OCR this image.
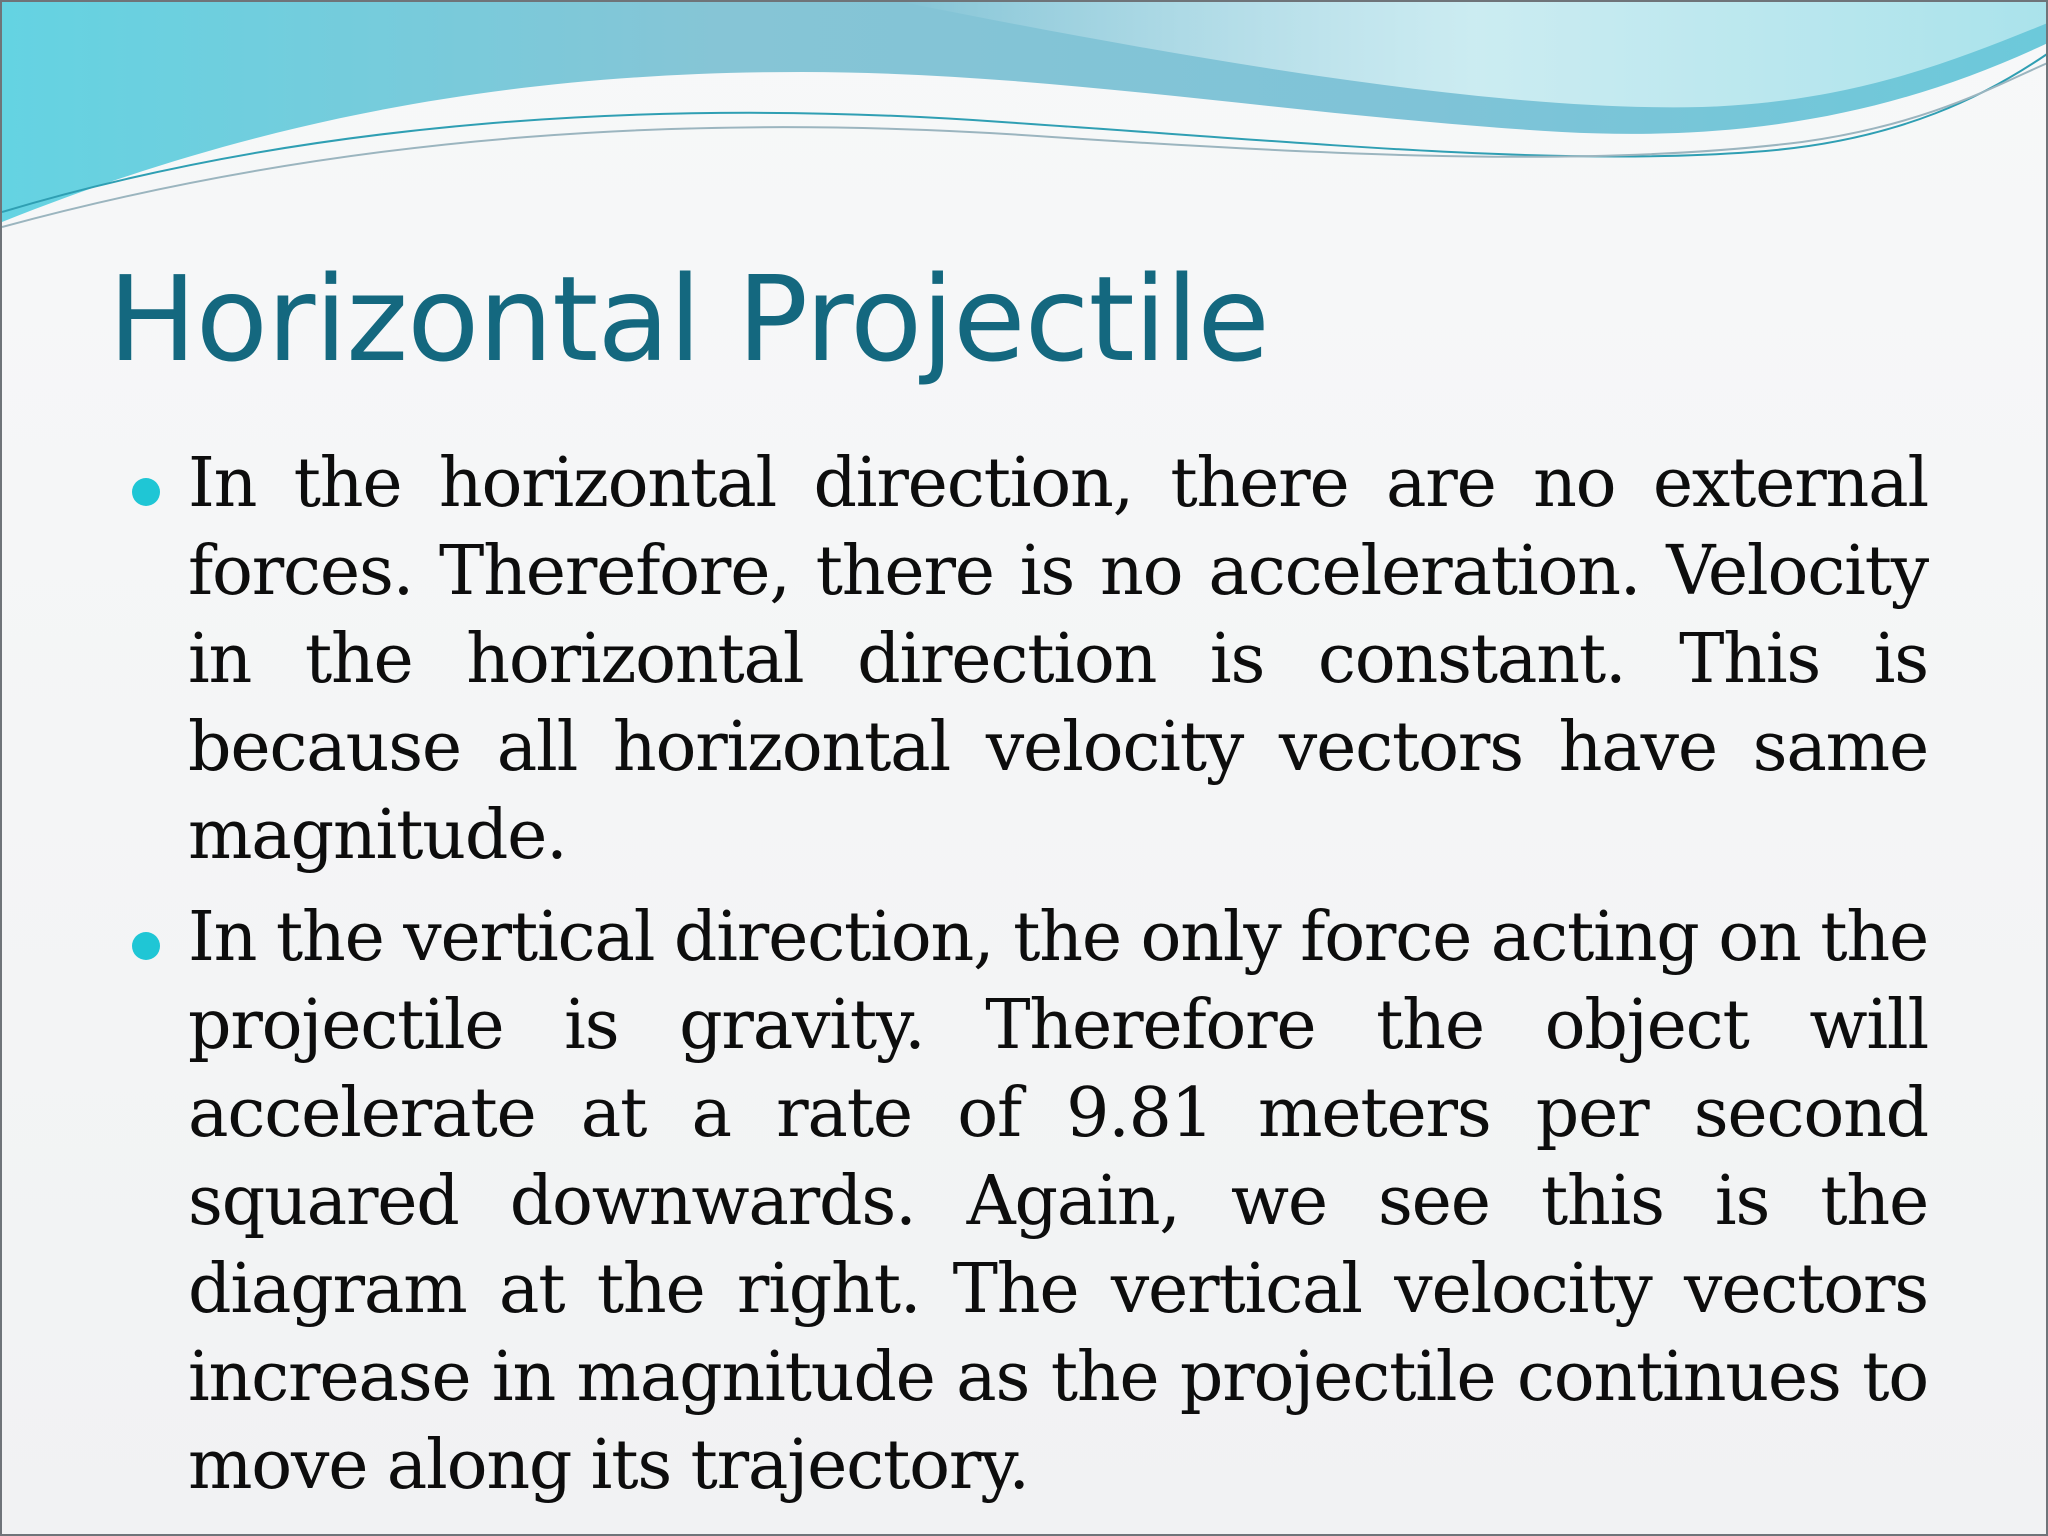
Horizontal Projectile
In the horizontal direction, there are no external forces. Therefore, there is no acceleration. Velocity in the horizontal direction is constant. This is because all horizontal velocity vectors have same magnitude.
In the vertical direction, the only force acting on the projectile is gravity. Therefore the object will accelerate at a rate of 9.81 meters per second squared downwards. Again, we see this is the diagram at the right. The vertical velocity vectors increase in magnitude as the projectile continues to move along its trajectory.
